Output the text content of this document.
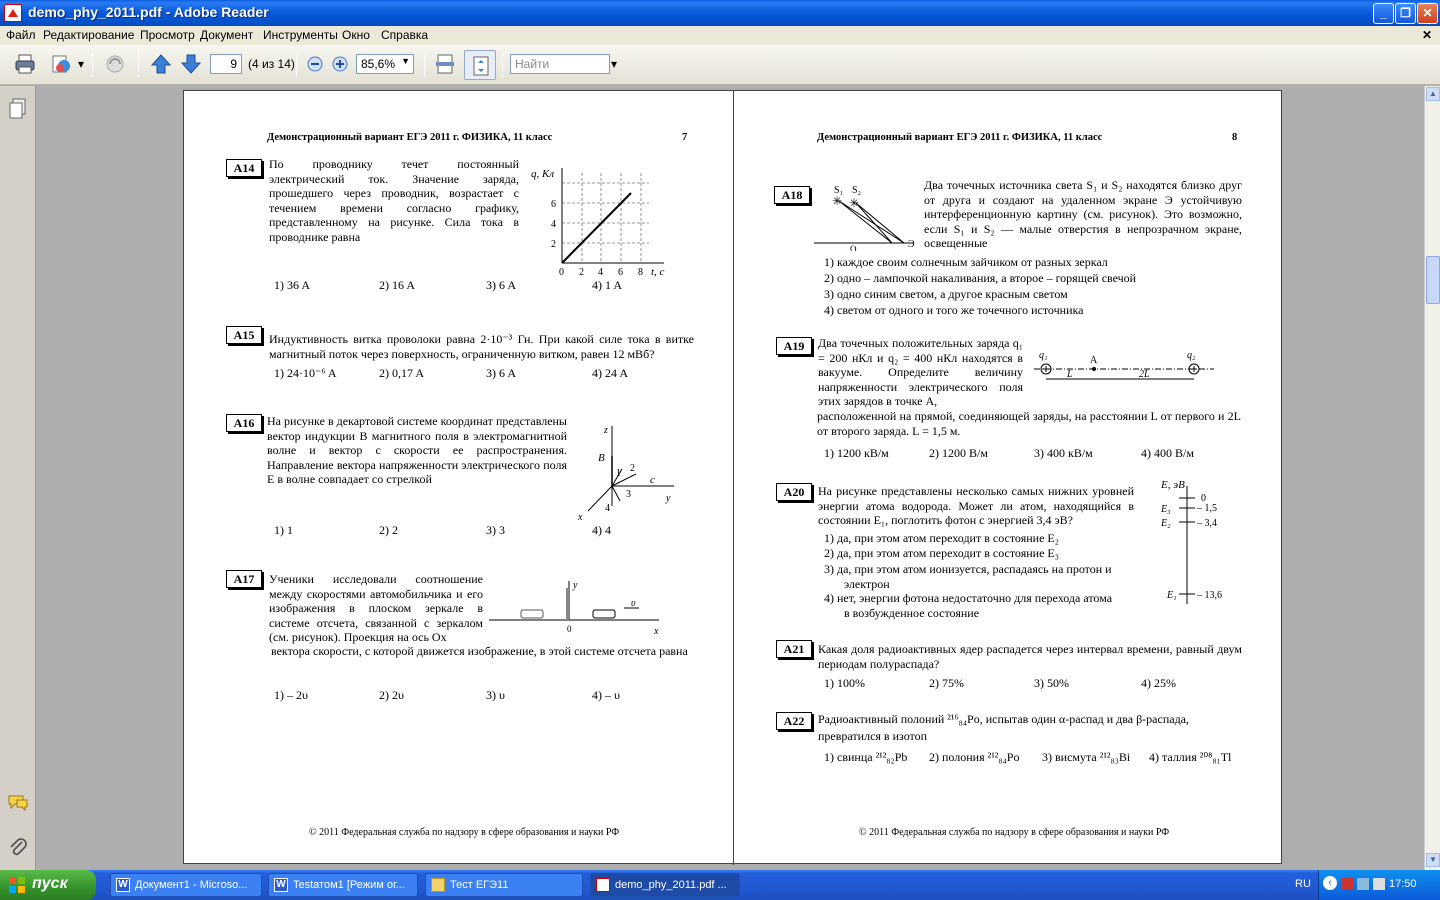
demo_phy_2011.pdf - Adobe Reader	_	❐ ✕
Файл Редактирование Просмотр Документ Инструменты Окно Справка	✕
▾	9 (4 из 14)	85,6% ▼	Найти	▾
▲
▼
Демонстрационный вариант ЕГЭ 2011 г. ФИЗИКА, 11 класс	7
A14	По проводнику течет постоянный электрический ток. Значение заряда, прошедшего через проводник, возрастает с течением времени согласно графику, представленному на рисунке. Сила тока в проводнике равна
q, Кл
t, с
6
4
2
0 2 4 6 8
1) 36 A	2) 16 A	3) 6 A	4) 1 A
A15	Индуктивность витка проволоки равна 2·10⁻³ Гн. При какой силе тока в витке магнитный поток через поверхность, ограниченную витком, равен 12 мВб?
1) 24·10⁻⁶ A	2) 0,17 A	3) 6 A	4) 24 A
A16	На рисунке в декартовой системе координат представлены вектор индукции B магнитного поля в электромагнитной волне и вектор c скорости ее распространения. Направление вектора напряженности электрического поля E в волне совпадает со стрелкой
z
y
x
B
c
1 2
3
4
1) 1	2) 2	3) 3	4) 4
A17	Ученики исследовали соотношение между скоростями автомобильчика и его изображения в плоском зеркале в системе отсчета, связанной с зеркалом (см. рисунок). Проекция на ось Ox
y
x
0
υ
вектора скорости, с которой движется изображение, в этой системе отсчета равна
1) – 2υ	2) 2υ	3) υ	4) – υ
© 2011 Федеральная служба по надзору в сфере образования и науки РФ
Демонстрационный вариант ЕГЭ 2011 г. ФИЗИКА, 11 класс	8
A18	S₁ S₂
✳ ✳
O	Э
Два точечных источника света S₁ и S₂ находятся близко друг от друга и создают на удаленном экране Э устойчивую интерференционную картину (см. рисунок). Это возможно, если S₁ и S₂ — малые отверстия в непрозрачном экране, освещенные
1) каждое своим солнечным зайчиком от разных зеркал
2) одно – лампочкой накаливания, а второе – горящей свечой
3) одно синим светом, а другое красным светом
4) светом от одного и того же точечного источника
A19	Два точечных положительных заряда q₁ = 200 нКл и q₂ = 400 нКл находятся в вакууме. Определите величину напряженности электрического поля этих зарядов в точке А,
q₁	A	q₂
L	2L
расположенной на прямой, соединяющей заряды, на расстоянии L от первого и 2L от второго заряда. L = 1,5 м.
1) 1200 кВ/м	2) 1200 В/м	3) 400 кВ/м	4) 400 В/м
A20	На рисунке представлены несколько самых нижних уровней энергии атома водорода. Может ли атом, находящийся в состоянии E₁, поглотить фотон с энергией 3,4 эВ?
1) да, при этом атом переходит в состояние E₂
2) да, при этом атом переходит в состояние E₃
3) да, при этом атом ионизуется, распадаясь на протон и
электрон
4) нет, энергии фотона недостаточно для перехода атома
в возбужденное состояние
E, эВ
0
E₃	– 1,5
E₂	– 3,4
E₁ – 13,6
A21	Какая доля радиоактивных ядер распадется через интервал времени, равный двум периодам полураспада?
1) 100%	2) 75%	3) 50%	4) 25%
A22	Радиоактивный полоний ²¹⁶₈₄Po, испытав один α-распад и два β-распада,
превратился в изотоп
1) свинца ²¹²₈₂Pb 2) полония ²¹²₈₄Po 3) висмута ²¹²₈₃Bi 4) таллия ²⁰⁸₈₁Tl
© 2011 Федеральная служба по надзору в сфере образования и науки РФ
пуск	W Документ1 - Microso...	W Testатом1 [Режим ог...	Тест ЕГЭ11	demo_phy_2011.pdf ...	RU	‹	17:50
